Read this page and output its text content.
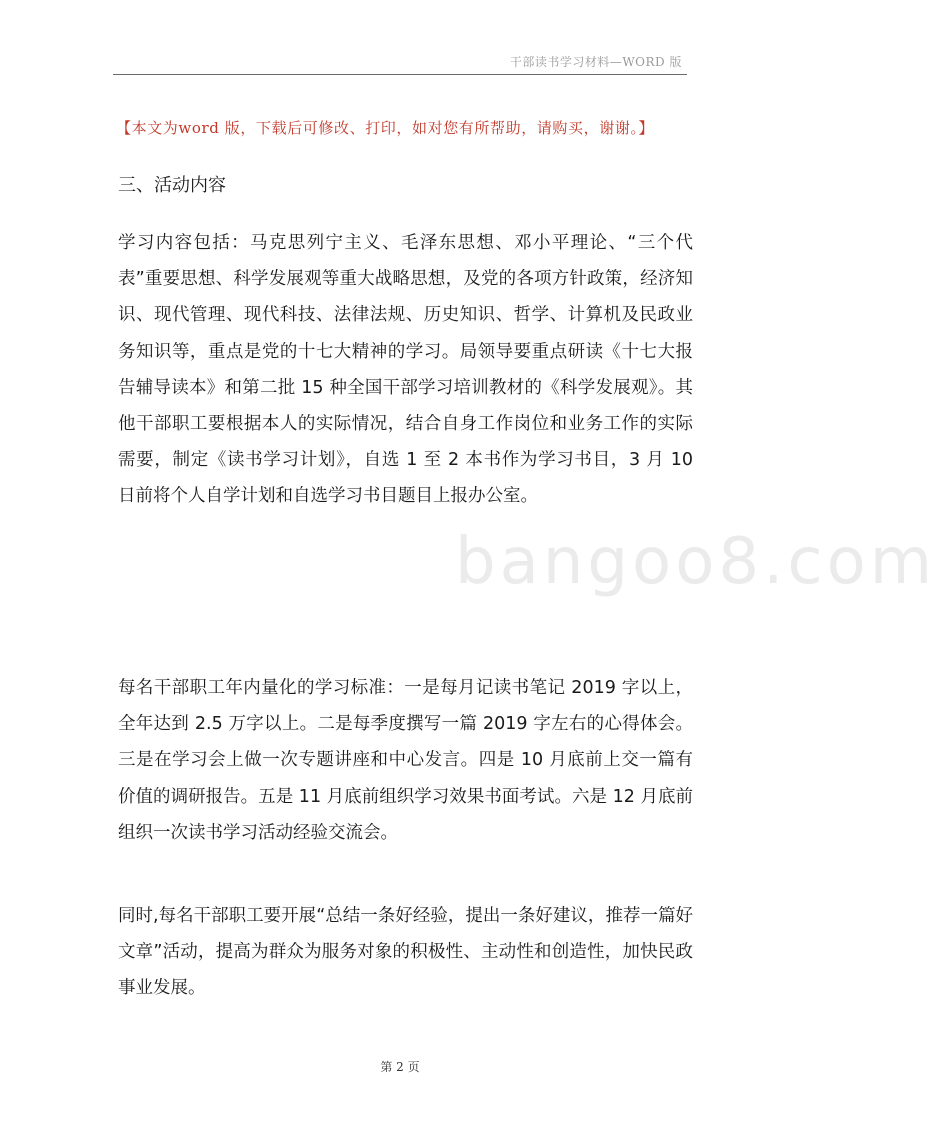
干部读书学习材料—WORD 版
bangoo8.com
【本文为word 版，下载后可修改、打印，如对您有所帮助，请购买，谢谢。】
三、活动内容

学习内容包括：马克思列宁主义、毛泽东思想、邓小平理论、“三个代表”重要思想、科学发展观等重大战略思想，及党的各项方针政策，经济知识、现代管理、现代科技、法律法规、历史知识、哲学、计算机及民政业务知识等，重点是党的十七大精神的学习。局领导要重点研读《十七大报告辅导读本》和第二批 15 种全国干部学习培训教材的《科学发展观》。其他干部职工要根据本人的实际情况，结合自身工作岗位和业务工作的实际需要，制定《读书学习计划》，自选 1 至 2 本书作为学习书目，3 月 10 日前将个人自学计划和自选学习书目题目上报办公室。

每名干部职工年内量化的学习标准：一是每月记读书笔记 2019 字以上，全年达到 2.5 万字以上。二是每季度撰写一篇 2019 字左右的心得体会。三是在学习会上做一次专题讲座和中心发言。四是 10 月底前上交一篇有价值的调研报告。五是 11 月底前组织学习效果书面考试。六是 12 月底前组织一次读书学习活动经验交流会。

同时,每名干部职工要开展“总结一条好经验，提出一条好建议，推荐一篇好文章”活动，提高为群众为服务对象的积极性、主动性和创造性，加快民政事业发展。

第 2 页
